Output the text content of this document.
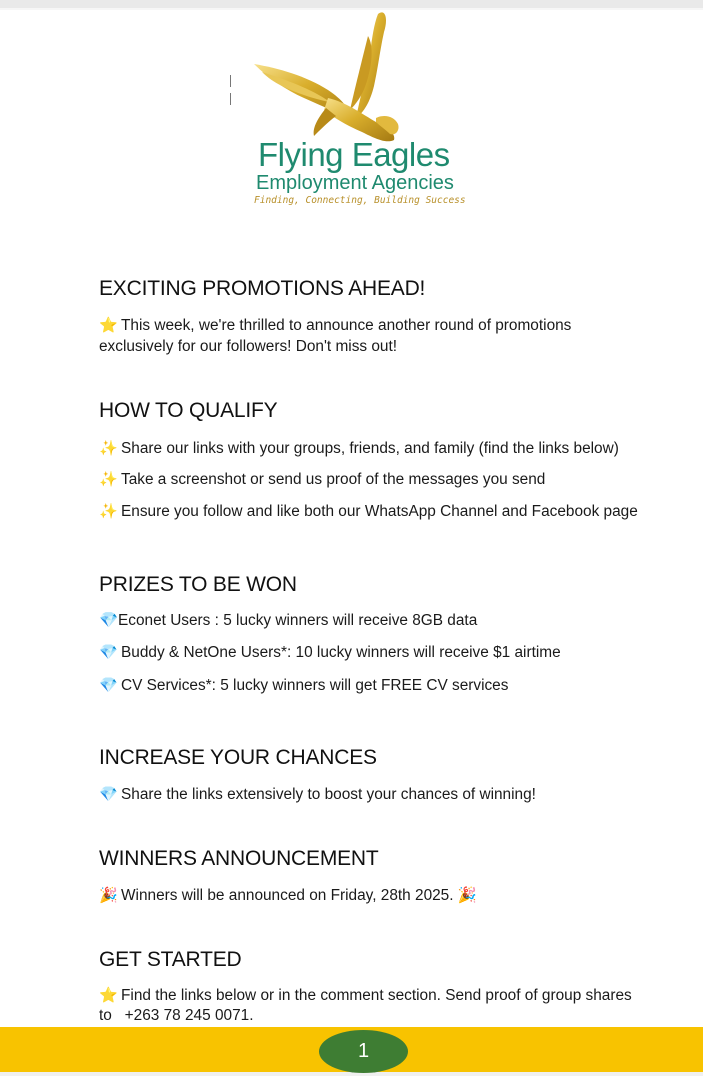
Flying Eagles
Employment Agencies
Finding, Connecting, Building Success
EXCITING PROMOTIONS AHEAD!

⭐ This week, we're thrilled to announce another round of promotions

exclusively for our followers! Don't miss out!

HOW TO QUALIFY

✨ Share our links with your groups, friends, and family (find the links below)

✨ Take a screenshot or send us proof of the messages you send

✨ Ensure you follow and like both our WhatsApp Channel and Facebook page

PRIZES TO BE WON

💎Econet Users : 5 lucky winners will receive 8GB data

💎 Buddy & NetOne Users*: 10 lucky winners will receive $1 airtime

💎 CV Services*: 5 lucky winners will get FREE CV services

INCREASE YOUR CHANCES

💎 Share the links extensively to boost your chances of winning!

WINNERS ANNOUNCEMENT

🎉 Winners will be announced on Friday, 28th 2025. 🎉

GET STARTED

⭐ Find the links below or in the comment section. Send proof of group shares

to   +263 78 245 0071.

1
